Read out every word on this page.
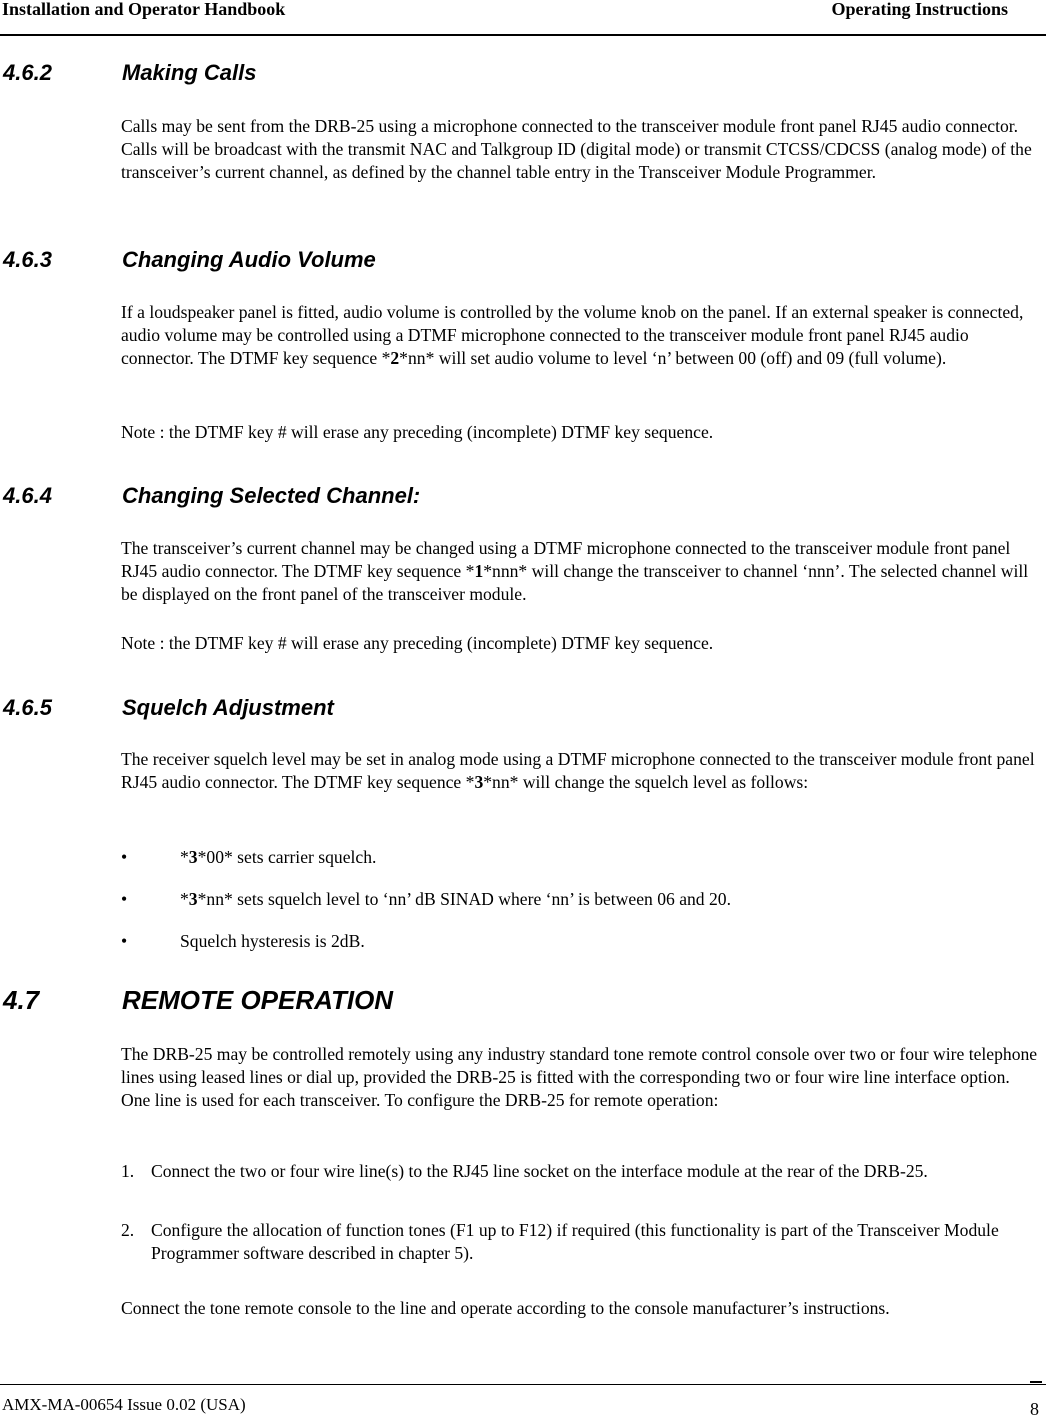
Installation and Operator Handbook	Operating Instructions
4.6.2	Making Calls
Calls may be sent from the DRB-25 using a microphone connected to the transceiver module front panel RJ45 audio connector. Calls will be broadcast with the transmit NAC and Talkgroup ID (digital mode) or transmit CTCSS/CDCSS (analog mode) of the transceiver’s current channel, as defined by the channel table entry in the Transceiver Module Programmer.
4.6.3	Changing Audio Volume
If a loudspeaker panel is fitted, audio volume is controlled by the volume knob on the panel. If an external speaker is connected, audio volume may be controlled using a DTMF microphone connected to the transceiver module front panel RJ45 audio connector. The DTMF key sequence *2*nn* will set audio volume to level ‘n’ between 00 (off) and 09 (full volume).
Note : the DTMF key # will erase any preceding (incomplete) DTMF key sequence.
4.6.4	Changing Selected Channel:
The transceiver’s current channel may be changed using a DTMF microphone connected to the transceiver module front panel RJ45 audio connector. The DTMF key sequence *1*nnn* will change the transceiver to channel ‘nnn’. The selected channel will be displayed on the front panel of the transceiver module.
Note : the DTMF key # will erase any preceding (incomplete) DTMF key sequence.
4.6.5	Squelch Adjustment
The receiver squelch level may be set in analog mode using a DTMF microphone connected to the transceiver module front panel RJ45 audio connector. The DTMF key sequence *3*nn* will change the squelch level as follows:
•	*3*00* sets carrier squelch.
•	*3*nn* sets squelch level to ‘nn’ dB SINAD where ‘nn’ is between 06 and 20.
•	Squelch hysteresis is 2dB.
4.7	REMOTE OPERATION
The DRB-25 may be controlled remotely using any industry standard tone remote control console over two or four wire telephone lines using leased lines or dial up, provided the DRB-25 is fitted with the corresponding two or four wire line interface option. One line is used for each transceiver. To configure the DRB-25 for remote operation:
1. Connect the two or four wire line(s) to the RJ45 line socket on the interface module at the rear of the DRB-25.
2. Configure the allocation of function tones (F1 up to F12) if required (this functionality is part of the Transceiver Module Programmer software described in chapter 5).
Connect the tone remote console to the line and operate according to the console manufacturer’s instructions.
AMX-MA-00654 Issue 0.02 (USA)	8
